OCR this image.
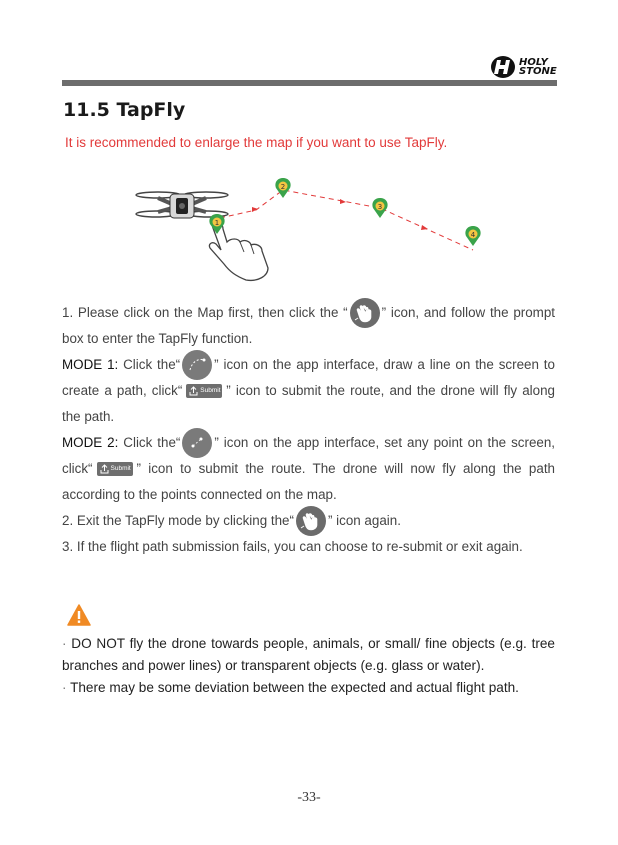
HOLY
STONE
11.5 TapFly
It is recommended to enlarge the map if you want to use TapFly.
1
2
3
4

1. Please click on the Map first, then click the “	” icon, and follow the prompt box to enter the TapFly function.

MODE 1: Click the“	” icon on the app interface, draw a line on the screen to create a path, click“	Submit ” icon to submit the route, and the drone will fly along the path.

MODE 2: Click the“	” icon on the app interface, set any point on the screen, click“	Submit ” icon to submit the route. The drone will now fly along the path according to the points connected on the map.

2. Exit the TapFly mode by clicking the“	” icon again.

3. If the flight path submission fails, you can choose to re-submit or exit again.

· DO NOT fly the drone towards people, animals, or small/ fine objects (e.g. tree branches and power lines) or transparent objects (e.g. glass or water).

· There may be some deviation between the expected and actual flight path.

-33-
